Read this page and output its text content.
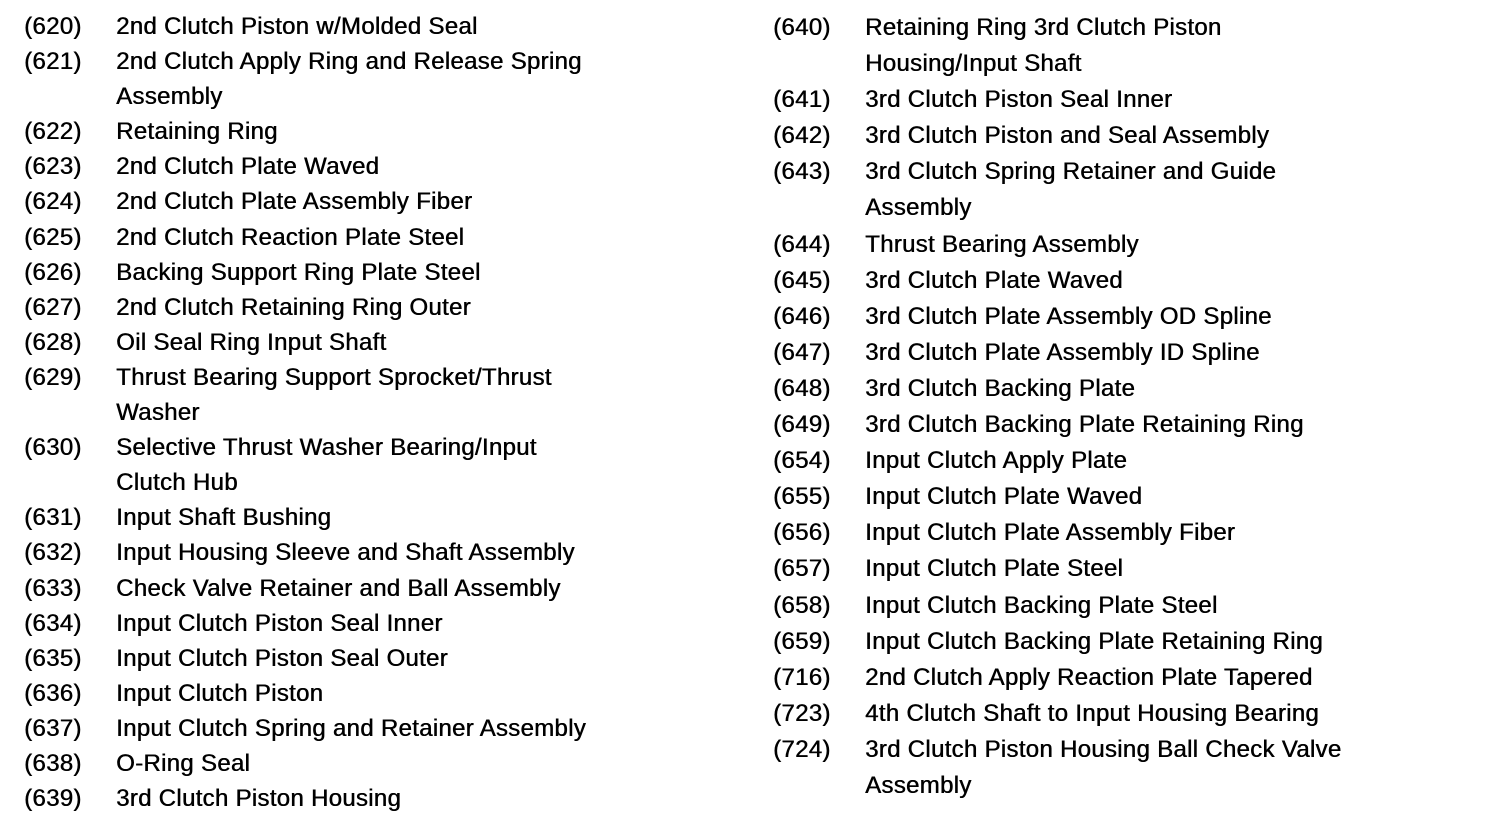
(620)	2nd Clutch Piston w/Molded Seal
(621)	2nd Clutch Apply Ring and Release Spring
Assembly
(622)	Retaining Ring
(623)	2nd Clutch Plate Waved
(624)	2nd Clutch Plate Assembly Fiber
(625)	2nd Clutch Reaction Plate Steel
(626)	Backing Support Ring Plate Steel
(627)	2nd Clutch Retaining Ring Outer
(628)	Oil Seal Ring Input Shaft
(629)	Thrust Bearing Support Sprocket/Thrust
Washer
(630)	Selective Thrust Washer Bearing/Input
Clutch Hub
(631)	Input Shaft Bushing
(632)	Input Housing Sleeve and Shaft Assembly
(633)	Check Valve Retainer and Ball Assembly
(634)	Input Clutch Piston Seal Inner
(635)	Input Clutch Piston Seal Outer
(636)	Input Clutch Piston
(637)	Input Clutch Spring and Retainer Assembly
(638)	O-Ring Seal
(639)	3rd Clutch Piston Housing
(640)	Retaining Ring 3rd Clutch Piston
Housing/Input Shaft
(641)	3rd Clutch Piston Seal Inner
(642)	3rd Clutch Piston and Seal Assembly
(643)	3rd Clutch Spring Retainer and Guide
Assembly
(644)	Thrust Bearing Assembly
(645)	3rd Clutch Plate Waved
(646)	3rd Clutch Plate Assembly OD Spline
(647)	3rd Clutch Plate Assembly ID Spline
(648)	3rd Clutch Backing Plate
(649)	3rd Clutch Backing Plate Retaining Ring
(654)	Input Clutch Apply Plate
(655)	Input Clutch Plate Waved
(656)	Input Clutch Plate Assembly Fiber
(657)	Input Clutch Plate Steel
(658)	Input Clutch Backing Plate Steel
(659)	Input Clutch Backing Plate Retaining Ring
(716)	2nd Clutch Apply Reaction Plate Tapered
(723)	4th Clutch Shaft to Input Housing Bearing
(724)	3rd Clutch Piston Housing Ball Check Valve
Assembly
